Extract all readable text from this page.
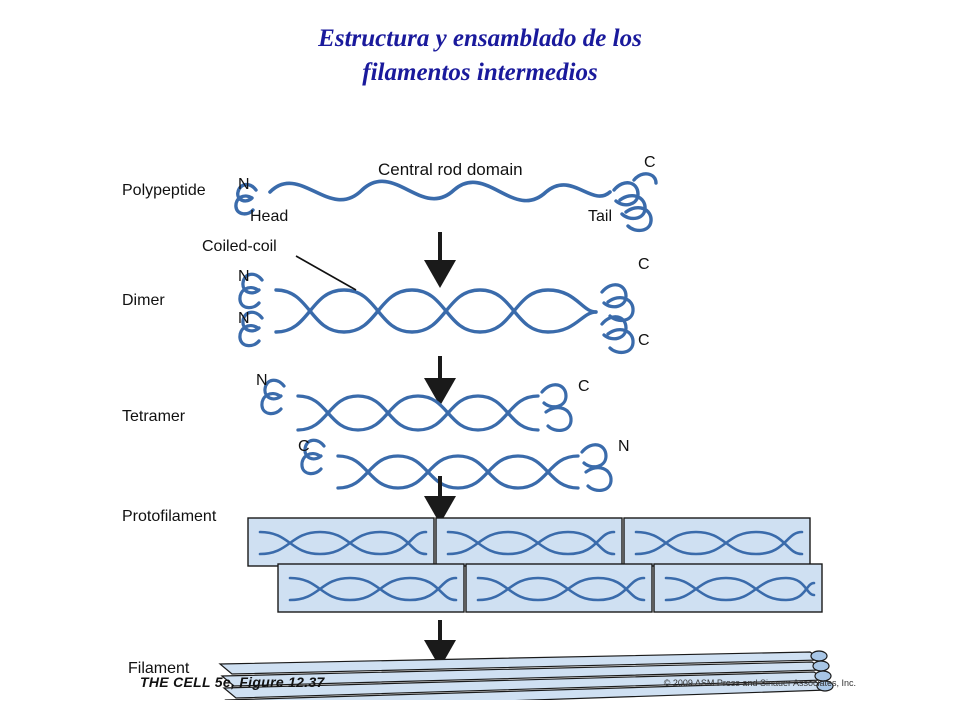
Estructura y ensamblado de los
filamentos intermedios
Polypeptide
Dimer
Tetramer
Protofilament
Filament
Central rod domain
Head	Tail
Coiled-coil
N
C
N
N
C
C
N	C
C	N
THE CELL 5e, Figure 12.37	© 2009 ASM Press and Sinauer Associates, Inc.
